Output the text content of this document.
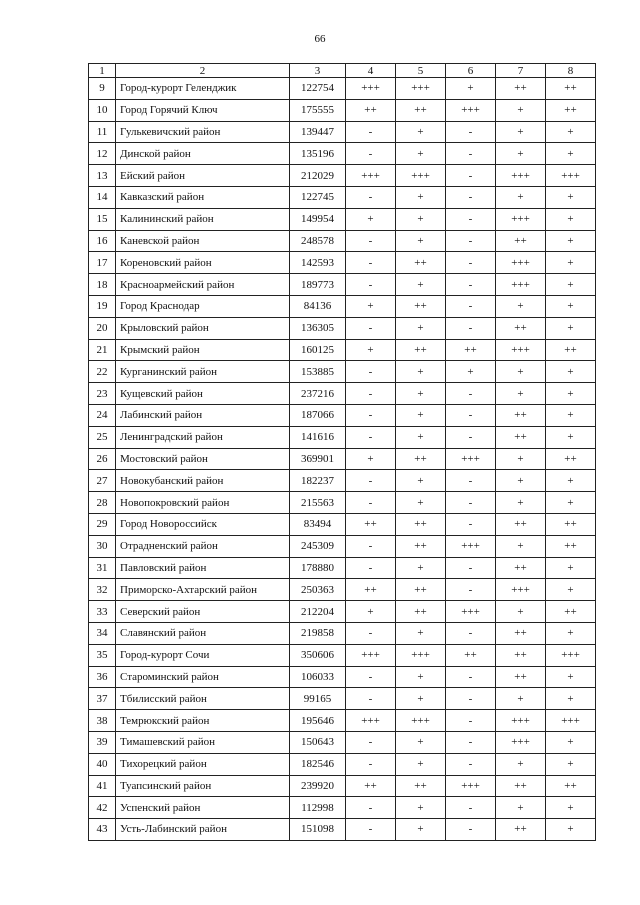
66
1	2	3	4	5	6	7	8
9	Город-курорт Геленджик	122754	+++	+++	+	++	++
10	Город Горячий Ключ	175555	++	++	+++	+	++
11	Гулькевичский район	139447	-	+	-	+	+
12	Динской район	135196	-	+	-	+	+
13	Ейский район	212029	+++	+++	-	+++	+++
14	Кавказский район	122745	-	+	-	+	+
15	Калининский район	149954	+	+	-	+++	+
16	Каневской район	248578	-	+	-	++	+
17	Кореновский район	142593	-	++	-	+++	+
18	Красноармейский район	189773	-	+	-	+++	+
19	Город Краснодар	84136	+	++	-	+	+
20	Крыловский район	136305	-	+	-	++	+
21	Крымский район	160125	+	++	++	+++	++
22	Курганинский район	153885	-	+	+	+	+
23	Кущевский район	237216	-	+	-	+	+
24	Лабинский район	187066	-	+	-	++	+
25	Ленинградский район	141616	-	+	-	++	+
26	Мостовский район	369901	+	++	+++	+	++
27	Новокубанский район	182237	-	+	-	+	+
28	Новопокровский район	215563	-	+	-	+	+
29	Город Новороссийск	83494	++	++	-	++	++
30	Отрадненский район	245309	-	++	+++	+	++
31	Павловский район	178880	-	+	-	++	+
32	Приморско-Ахтарский район	250363	++	++	-	+++	+
33	Северский район	212204	+	++	+++	+	++
34	Славянский район	219858	-	+	-	++	+
35	Город-курорт Сочи	350606	+++	+++	++	++	+++
36	Староминский район	106033	-	+	-	++	+
37	Тбилисский район	99165	-	+	-	+	+
38	Темрюкский район	195646	+++	+++	-	+++	+++
39	Тимашевский район	150643	-	+	-	+++	+
40	Тихорецкий район	182546	-	+	-	+	+
41	Туапсинский район	239920	++	++	+++	++	++
42	Успенский район	112998	-	+	-	+	+
43	Усть-Лабинский район	151098	-	+	-	++	+
